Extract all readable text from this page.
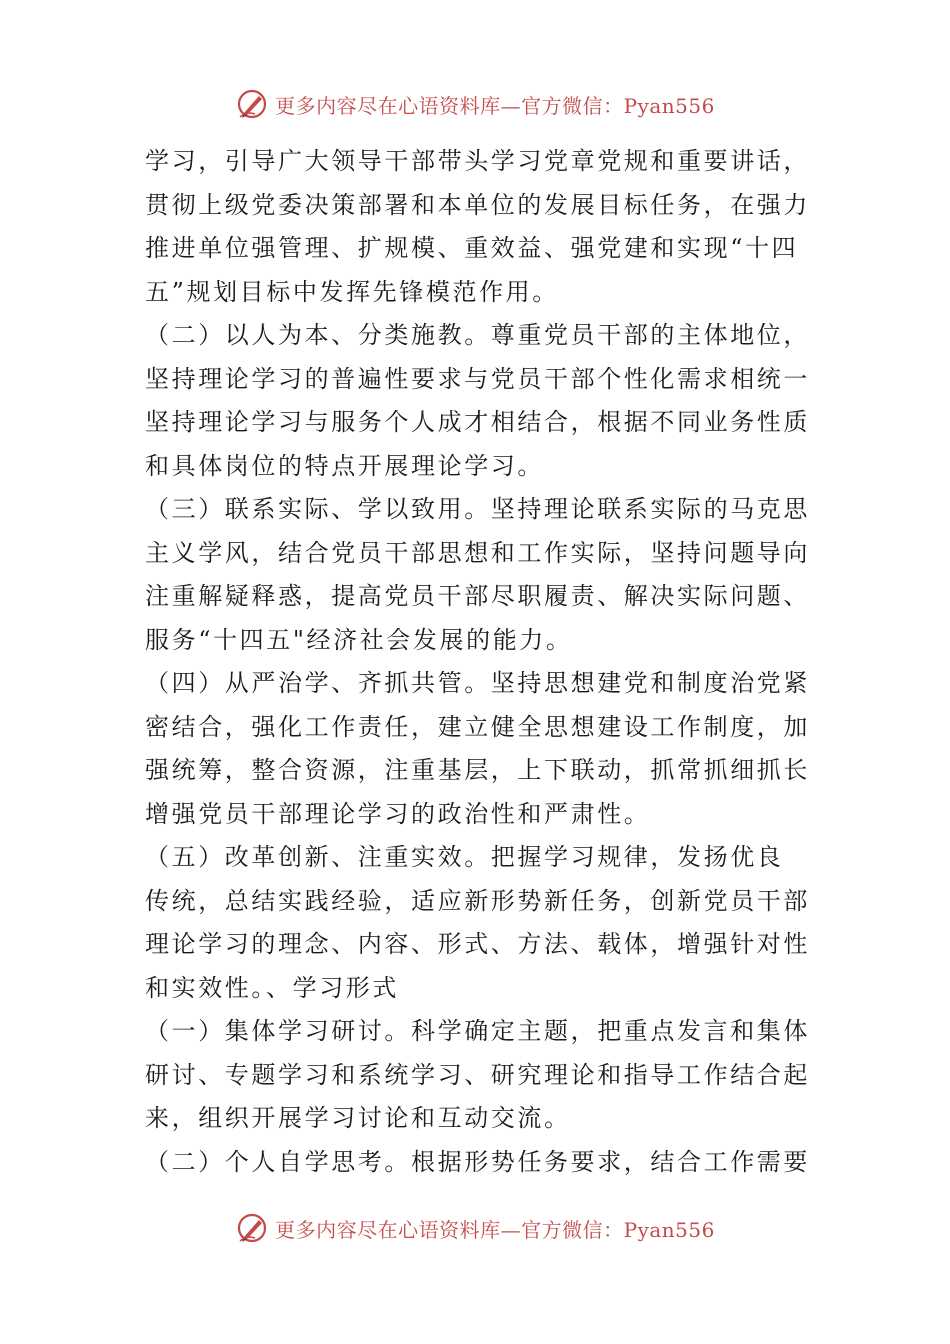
更多内容尽在心语资料库—官方微信：Pyan556
学习，引导广大领导干部带头学习党章党规和重要讲话，
贯彻上级党委决策部署和本单位的发展目标任务，在强力
推进单位强管理、扩规模、重效益、强党建和实现“十四
五”规划目标中发挥先锋模范作用。
（二）以人为本、分类施教。尊重党员干部的主体地位，
坚持理论学习的普遍性要求与党员干部个性化需求相统一
坚持理论学习与服务个人成才相结合，根据不同业务性质
和具体岗位的特点开展理论学习。
（三）联系实际、学以致用。坚持理论联系实际的马克思
主义学风，结合党员干部思想和工作实际，坚持问题导向
注重解疑释惑，提高党员干部尽职履责、解决实际问题、
服务“十四五"经济社会发展的能力。
（四）从严治学、齐抓共管。坚持思想建党和制度治党紧
密结合，强化工作责任，建立健全思想建设工作制度，加
强统筹，整合资源，注重基层，上下联动，抓常抓细抓长
增强党员干部理论学习的政治性和严肃性。
（五）改革创新、注重实效。把握学习规律，发扬优良
传统，总结实践经验，适应新形势新任务，创新党员干部
理论学习的理念、内容、形式、方法、载体，增强针对性
和实效性。、学习形式
（一）集体学习研讨。科学确定主题，把重点发言和集体
研讨、专题学习和系统学习、研究理论和指导工作结合起
来，组织开展学习讨论和互动交流。
（二）个人自学思考。根据形势任务要求，结合工作需要
更多内容尽在心语资料库—官方微信：Pyan556
